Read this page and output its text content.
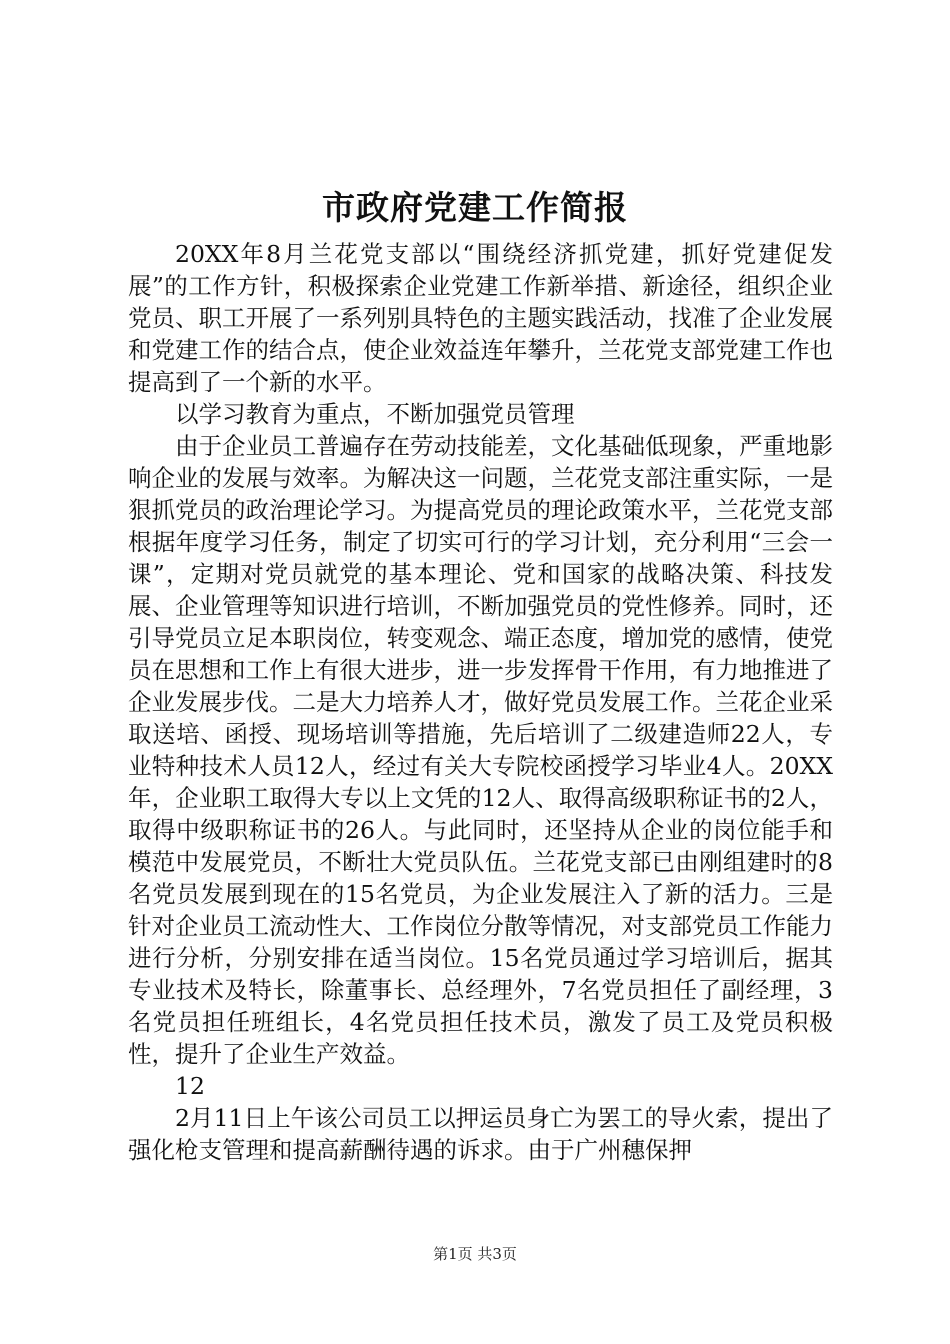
市政府党建工作简报

20XX年8月兰花党支部以“围绕经济抓党建，抓好党建促发展”的工作方针，积极探索企业党建工作新举措、新途径，组织企业党员、职工开展了一系列别具特色的主题实践活动，找准了企业发展和党建工作的结合点，使企业效益连年攀升，兰花党支部党建工作也提高到了一个新的水平。

以学习教育为重点，不断加强党员管理

由于企业员工普遍存在劳动技能差，文化基础低现象，严重地影响企业的发展与效率。为解决这一问题，兰花党支部注重实际，一是狠抓党员的政治理论学习。为提高党员的理论政策水平，兰花党支部根据年度学习任务，制定了切实可行的学习计划，充分利用“三会一课”，定期对党员就党的基本理论、党和国家的战略决策、科技发展、企业管理等知识进行培训，不断加强党员的党性修养。同时，还引导党员立足本职岗位，转变观念、端正态度，增加党的感情，使党员在思想和工作上有很大进步，进一步发挥骨干作用，有力地推进了企业发展步伐。二是大力培养人才，做好党员发展工作。兰花企业采取送培、函授、现场培训等措施，先后培训了二级建造师22人，专业特种技术人员12人，经过有关大专院校函授学习毕业4人。20XX年，企业职工取得大专以上文凭的12人、取得高级职称证书的2人，取得中级职称证书的26人。与此同时，还坚持从企业的岗位能手和模范中发展党员，不断壮大党员队伍。兰花党支部已由刚组建时的8名党员发展到现在的15名党员，为企业发展注入了新的活力。三是针对企业员工流动性大、工作岗位分散等情况，对支部党员工作能力进行分析，分别安排在适当岗位。15名党员通过学习培训后，据其专业技术及特长，除董事长、总经理外，7名党员担任了副经理，3名党员担任班组长，4名党员担任技术员，激发了员工及党员积极性，提升了企业生产效益。

12

2月11日上午该公司员工以押运员身亡为罢工的导火索，提出了强化枪支管理和提高薪酬待遇的诉求。由于广州穗保押

第1页 共3页
